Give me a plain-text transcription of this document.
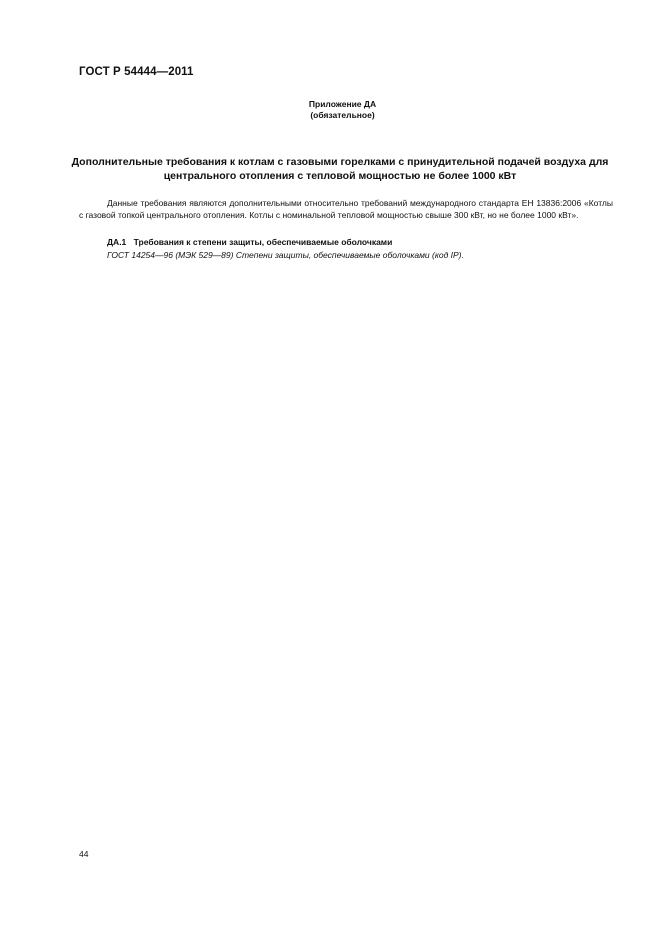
ГОСТ Р 54444—2011
Приложение ДА
(обязательное)
Дополнительные требования к котлам с газовыми горелками с принудительной подачей воздуха для центрального отопления с тепловой мощностью не более 1000 кВт
Данные требования являются дополнительными относительно требований международного стандарта ЕН 13836:2006 «Котлы с газовой топкой центрального отопления. Котлы с номинальной тепловой мощностью свыше 300 кВт, но не более 1000 кВт».
ДА.1 Требования к степени защиты, обеспечиваемые оболочками
ГОСТ 14254—96 (МЭК 529—89) Степени защиты, обеспечиваемые оболочками (код IP).
44
